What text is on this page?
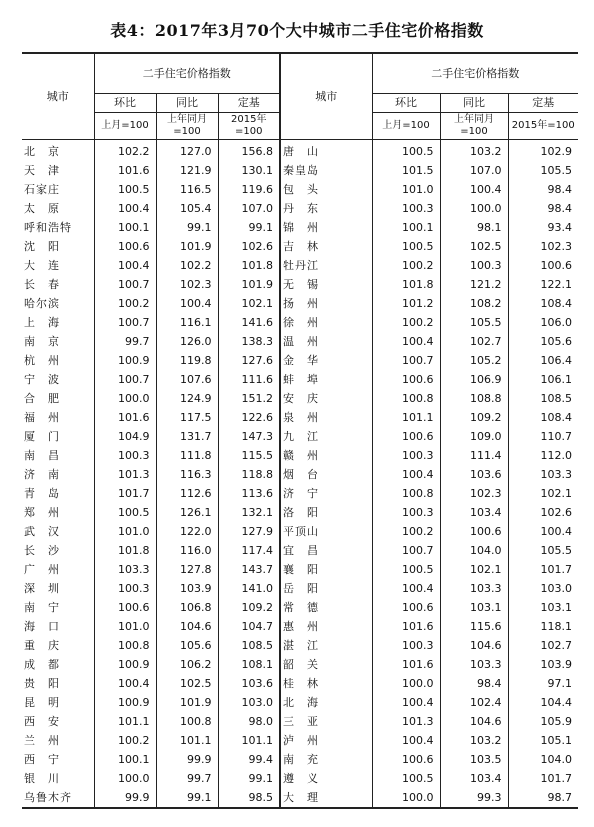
表4：2017年3月70个大中城市二手住宅价格指数
城市	二手住宅价格指数			城市	二手住宅价格指数		
	环比	同比	定基		环比	同比	定基
	上月=100	上年同月=100	2015年=100		上月=100	上年同月=100	2015年=100
北　京	102.2	127.0	156.8	唐　山	100.5	103.2	102.9
天　津	101.6	121.9	130.1	秦皇岛	101.5	107.0	105.5
石家庄	100.5	116.5	119.6	包　头	101.0	100.4	98.4
太　原	100.4	105.4	107.0	丹　东	100.3	100.0	98.4
呼和浩特	100.1	99.1	99.1	锦　州	100.1	98.1	93.4
沈　阳	100.6	101.9	102.6	吉　林	100.5	102.5	102.3
大　连	100.4	102.2	101.8	牡丹江	100.2	100.3	100.6
长　春	100.7	102.3	101.9	无　锡	101.8	121.2	122.1
哈尔滨	100.2	100.4	102.1	扬　州	101.2	108.2	108.4
上　海	100.7	116.1	141.6	徐　州	100.2	105.5	106.0
南　京	99.7	126.0	138.3	温　州	100.4	102.7	105.6
杭　州	100.9	119.8	127.6	金　华	100.7	105.2	106.4
宁　波	100.7	107.6	111.6	蚌　埠	100.6	106.9	106.1
合　肥	100.0	124.9	151.2	安　庆	100.8	108.8	108.5
福　州	101.6	117.5	122.6	泉　州	101.1	109.2	108.4
厦　门	104.9	131.7	147.3	九　江	100.6	109.0	110.7
南　昌	100.3	111.8	115.5	赣　州	100.3	111.4	112.0
济　南	101.3	116.3	118.8	烟　台	100.4	103.6	103.3
青　岛	101.7	112.6	113.6	济　宁	100.8	102.3	102.1
郑　州	100.5	126.1	132.1	洛　阳	100.3	103.4	102.6
武　汉	101.0	122.0	127.9	平顶山	100.2	100.6	100.4
长　沙	101.8	116.0	117.4	宜　昌	100.7	104.0	105.5
广　州	103.3	127.8	143.7	襄　阳	100.5	102.1	101.7
深　圳	100.3	103.9	141.0	岳　阳	100.4	103.3	103.0
南　宁	100.6	106.8	109.2	常　德	100.6	103.1	103.1
海　口	101.0	104.6	104.7	惠　州	101.6	115.6	118.1
重　庆	100.8	105.6	108.5	湛　江	100.3	104.6	102.7
成　都	100.9	106.2	108.1	韶　关	101.6	103.3	103.9
贵　阳	100.4	102.5	103.6	桂　林	100.0	98.4	97.1
昆　明	100.9	101.9	103.0	北　海	100.4	102.4	104.4
西　安	101.1	100.8	98.0	三　亚	101.3	104.6	105.9
兰　州	100.2	101.1	101.1	泸　州	100.4	103.2	105.1
西　宁	100.1	99.9	99.4	南　充	100.6	103.5	104.0
银　川	100.0	99.7	99.1	遵　义	100.5	103.4	101.7
乌鲁木齐	99.9	99.1	98.5	大　理	100.0	99.3	98.7
